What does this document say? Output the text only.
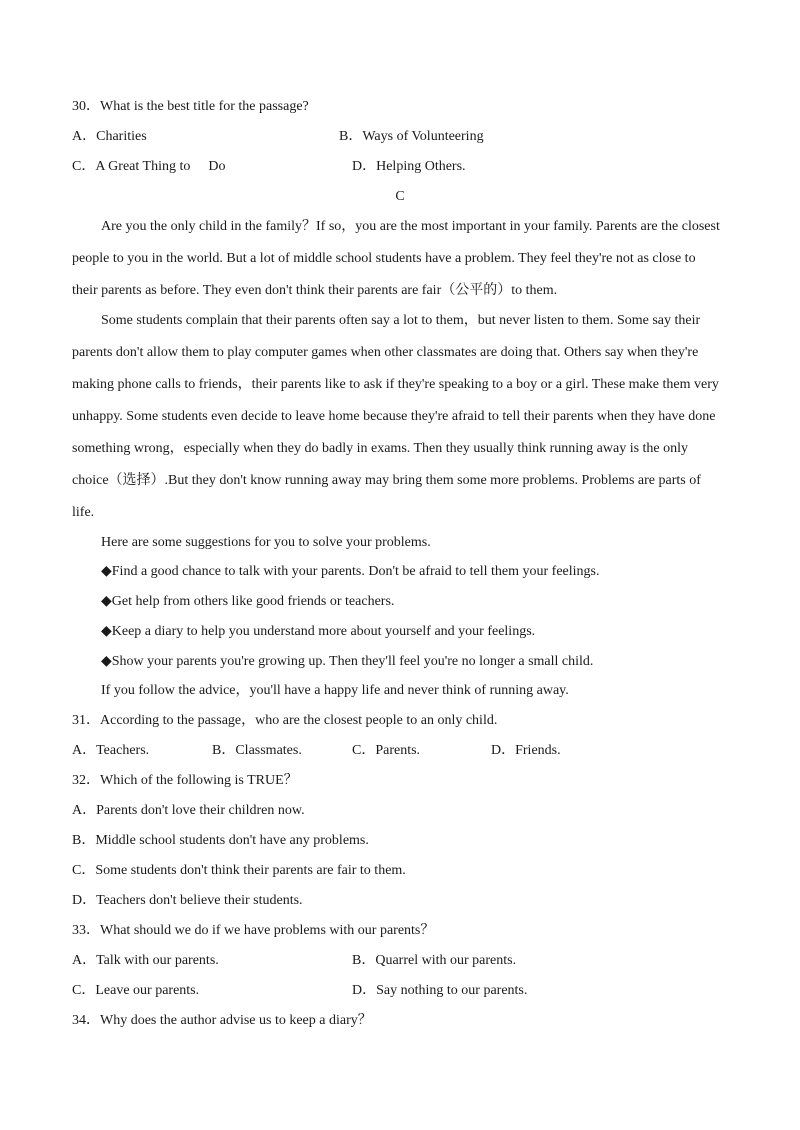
30．What is the best title for the passage?
A．Charities	B．Ways of Volunteering
C．A Great Thing to Do	D．Helping Others.
C
Are you the only child in the family？If so，you are the most important in your family. Parents are the closest
people to you in the world. But a lot of middle school students have a problem. They feel they're not as close to
their parents as before. They even don't think their parents are fair（公平的）to them.
Some students complain that their parents often say a lot to them，but never listen to them. Some say their
parents don't allow them to play computer games when other classmates are doing that. Others say when they're
making phone calls to friends，their parents like to ask if they're speaking to a boy or a girl. These make them very
unhappy. Some students even decide to leave home because they're afraid to tell their parents when they have done
something wrong，especially when they do badly in exams. Then they usually think running away is the only
choice（选择）.But they don't know running away may bring them some more problems. Problems are parts of
life.
Here are some suggestions for you to solve your problems.
◆Find a good chance to talk with your parents. Don't be afraid to tell them your feelings.
◆Get help from others like good friends or teachers.
◆Keep a diary to help you understand more about yourself and your feelings.
◆Show your parents you're growing up. Then they'll feel you're no longer a small child.
If you follow the advice，you'll have a happy life and never think of running away.
31．According to the passage，who are the closest people to an only child.
A．Teachers.	B．Classmates.	C．Parents.	D．Friends.
32．Which of the following is TRUE？
A．Parents don't love their children now.
B．Middle school students don't have any problems.
C．Some students don't think their parents are fair to them.
D．Teachers don't believe their students.
33．What should we do if we have problems with our parents？
A．Talk with our parents.	B．Quarrel with our parents.
C．Leave our parents.	D．Say nothing to our parents.
34．Why does the author advise us to keep a diary？
